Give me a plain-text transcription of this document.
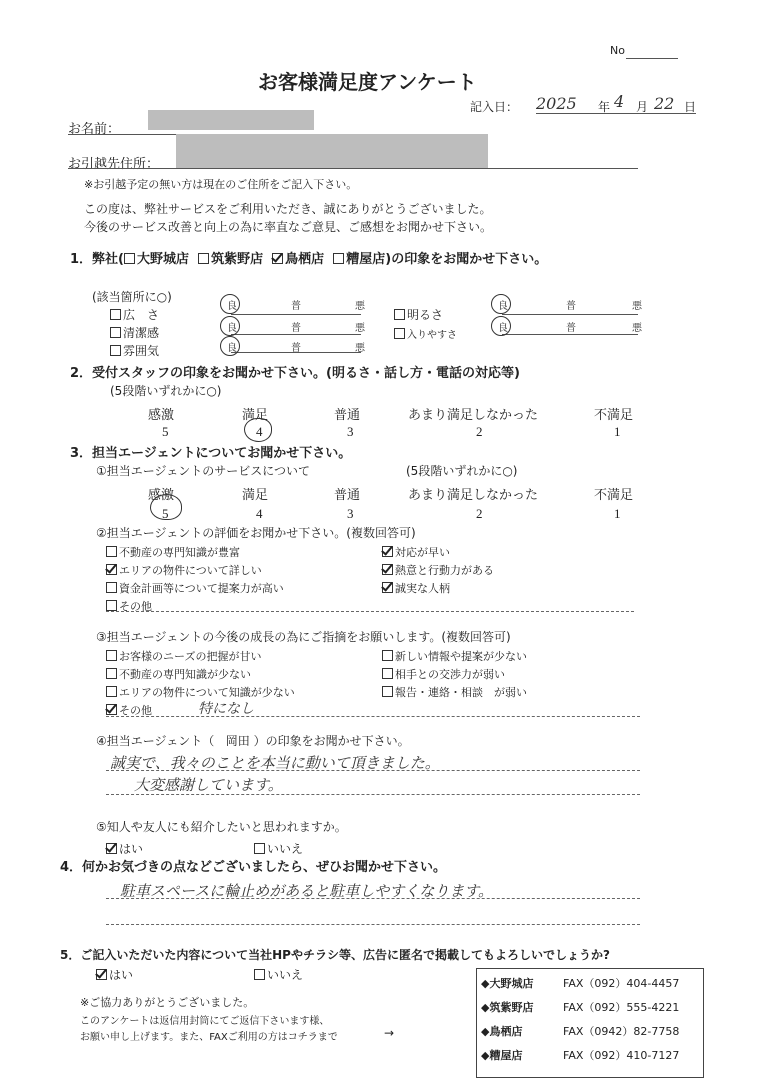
No
お客様満足度アンケート
記入日： 2025 年 4 月 22 日
お名前：
お引越先住所：
※お引越予定の無い方は現在のご住所をご記入下さい。
この度は、弊社サービスをご利用いただき、誠にありがとうございました。
今後のサービス改善と向上の為に率直なご意見、ご感想をお聞かせ下さい。
1．弊社( 大野城店 筑紫野店 鳥栖店 糟屋店)の印象をお聞かせ下さい。
(該当箇所に○)
広　さ
清潔感
雰囲気
良	普	悪
良	普	悪
良	普	悪
明るさ
入りやすさ
良	普	悪
良	普	悪
2．受付スタッフの印象をお聞かせ下さい。(明るさ・話し方・電話の対応等)
(5段階いずれかに○)
感激	満足	普通	あまり満足しなかった	不満足
5	4	3	2	1
3．担当エージェントについてお聞かせ下さい。
①担当エージェントのサービスについて	(5段階いずれかに○)
感激	満足	普通	あまり満足しなかった	不満足
5	4	3	2	1
②担当エージェントの評価をお聞かせ下さい。(複数回答可)
不動産の専門知識が豊富
エリアの物件について詳しい
資金計画等について提案力が高い
その他
対応が早い
熱意と行動力がある
誠実な人柄
③担当エージェントの今後の成長の為にご指摘をお願いします。(複数回答可)
お客様のニーズの把握が甘い
不動産の専門知識が少ない
エリアの物件について知識が少ない
その他	特になし
新しい情報や提案が少ない
相手との交渉力が弱い
報告・連絡・相談　が弱い
④担当エージェント（ 岡田 ）の印象をお聞かせ下さい。
誠実で、我々のことを本当に動いて頂きました。
大変感謝しています。
⑤知人や友人にも紹介したいと思われますか。
はい	いいえ
4．何かお気づきの点などございましたら、ぜひお聞かせ下さい。
駐車スペースに輪止めがあると駐車しやすくなります。
5．ご記入いただいた内容について当社HPやチラシ等、広告に匿名で掲載してもよろしいでしょうか?
はい	いいえ
※ご協力ありがとうございました。
このアンケートは返信用封筒にてご返信下さいます様、
お願い申し上げます。また、FAXご利用の方はコチラまで	→
◆大野城店	FAX（092）404-4457
◆筑紫野店	FAX（092）555-4221
◆鳥栖店	FAX（0942）82-7758
◆糟屋店	FAX（092）410-7127
